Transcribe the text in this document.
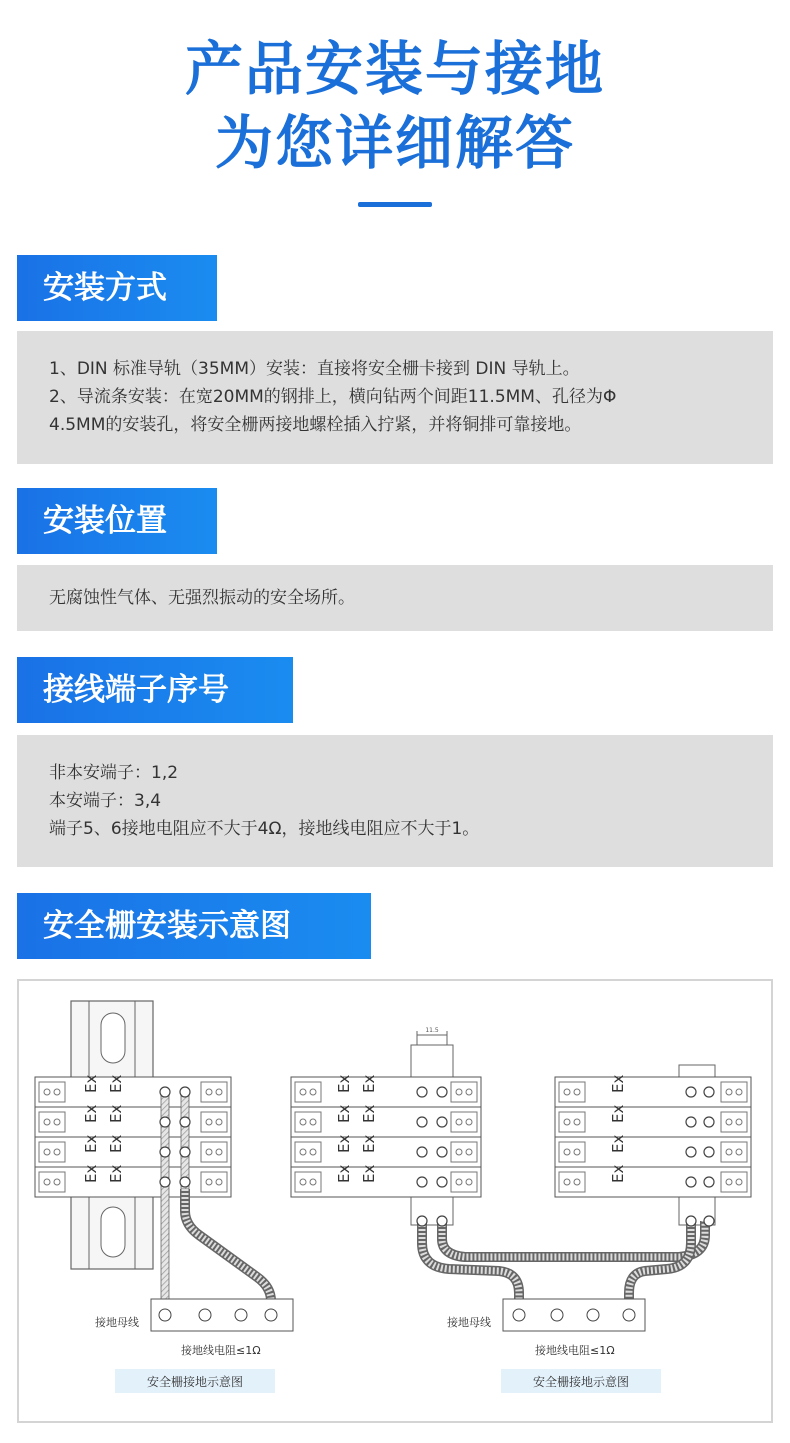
产品安装与接地
为您详细解答
安装方式

1、DIN 标准导轨（35MM）安装：直接将安全栅卡接到 DIN 导轨上。

2、导流条安装：在宽20MM的钢排上，横向钻两个间距11.5MM、孔径为Φ

4.5MM的安装孔，将安全栅两接地螺栓插入拧紧，并将铜排可靠接地。

安装位置

无腐蚀性气体、无强烈振动的安全场所。

接线端子序号

非本安端子：1,2

本安端子：3,4

端子5、6接地电阻应不大于4Ω，接地线电阻应不大于1。

安全栅安装示意图
Ex Ex
Ex Ex
Ex Ex
Ex Ex
接地母线
接地线电阻≤1Ω
安全栅接地示意图
11.5
Ex Ex
Ex Ex
Ex Ex
Ex Ex
Ex
Ex
Ex
Ex
接地母线
接地线电阻≤1Ω
安全栅接地示意图
